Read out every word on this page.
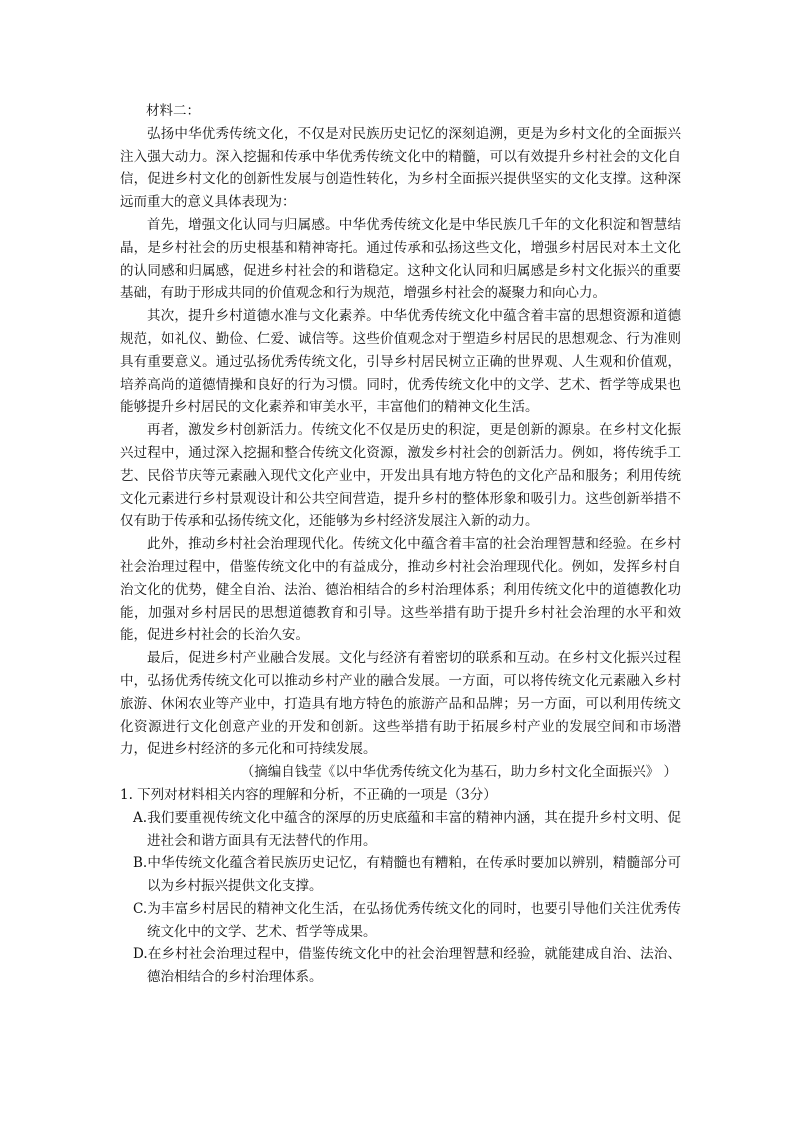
材料二：

弘扬中华优秀传统文化，不仅是对民族历史记忆的深刻追溯，更是为乡村文化的全面振兴注入强大动力。深入挖掘和传承中华优秀传统文化中的精髓，可以有效提升乡村社会的文化自信，促进乡村文化的创新性发展与创造性转化，为乡村全面振兴提供坚实的文化支撑。这种深远而重大的意义具体表现为：

首先，增强文化认同与归属感。中华优秀传统文化是中华民族几千年的文化积淀和智慧结晶，是乡村社会的历史根基和精神寄托。通过传承和弘扬这些文化，增强乡村居民对本土文化的认同感和归属感，促进乡村社会的和谐稳定。这种文化认同和归属感是乡村文化振兴的重要基础，有助于形成共同的价值观念和行为规范，增强乡村社会的凝聚力和向心力。

其次，提升乡村道德水准与文化素养。中华优秀传统文化中蕴含着丰富的思想资源和道德规范，如礼仪、勤俭、仁爱、诚信等。这些价值观念对于塑造乡村居民的思想观念、行为准则具有重要意义。通过弘扬优秀传统文化，引导乡村居民树立正确的世界观、人生观和价值观，培养高尚的道德情操和良好的行为习惯。同时，优秀传统文化中的文学、艺术、哲学等成果也能够提升乡村居民的文化素养和审美水平，丰富他们的精神文化生活。

再者，激发乡村创新活力。传统文化不仅是历史的积淀，更是创新的源泉。在乡村文化振兴过程中，通过深入挖掘和整合传统文化资源，激发乡村社会的创新活力。例如，将传统手工艺、民俗节庆等元素融入现代文化产业中，开发出具有地方特色的文化产品和服务；利用传统文化元素进行乡村景观设计和公共空间营造，提升乡村的整体形象和吸引力。这些创新举措不仅有助于传承和弘扬传统文化，还能够为乡村经济发展注入新的动力。

此外，推动乡村社会治理现代化。传统文化中蕴含着丰富的社会治理智慧和经验。在乡村社会治理过程中，借鉴传统文化中的有益成分，推动乡村社会治理现代化。例如，发挥乡村自治文化的优势，健全自治、法治、德治相结合的乡村治理体系；利用传统文化中的道德教化功能，加强对乡村居民的思想道德教育和引导。这些举措有助于提升乡村社会治理的水平和效能，促进乡村社会的长治久安。

最后，促进乡村产业融合发展。文化与经济有着密切的联系和互动。在乡村文化振兴过程中，弘扬优秀传统文化可以推动乡村产业的融合发展。一方面，可以将传统文化元素融入乡村旅游、休闲农业等产业中，打造具有地方特色的旅游产品和品牌；另一方面，可以利用传统文化资源进行文化创意产业的开发和创新。这些举措有助于拓展乡村产业的发展空间和市场潜力，促进乡村经济的多元化和可持续发展。

（摘编自钱莹《以中华优秀传统文化为基石，助力乡村文化全面振兴》 ）

1. 下列对材料相关内容的理解和分析，不正确的一项是（3分）

A.我们要重视传统文化中蕴含的深厚的历史底蕴和丰富的精神内涵，其在提升乡村文明、促进社会和谐方面具有无法替代的作用。

B.中华传统文化蕴含着民族历史记忆，有精髓也有糟粕，在传承时要加以辨别，精髓部分可以为乡村振兴提供文化支撑。

C.为丰富乡村居民的精神文化生活，在弘扬优秀传统文化的同时，也要引导他们关注优秀传统文化中的文学、艺术、哲学等成果。

D.在乡村社会治理过程中，借鉴传统文化中的社会治理智慧和经验，就能建成自治、法治、德治相结合的乡村治理体系。
